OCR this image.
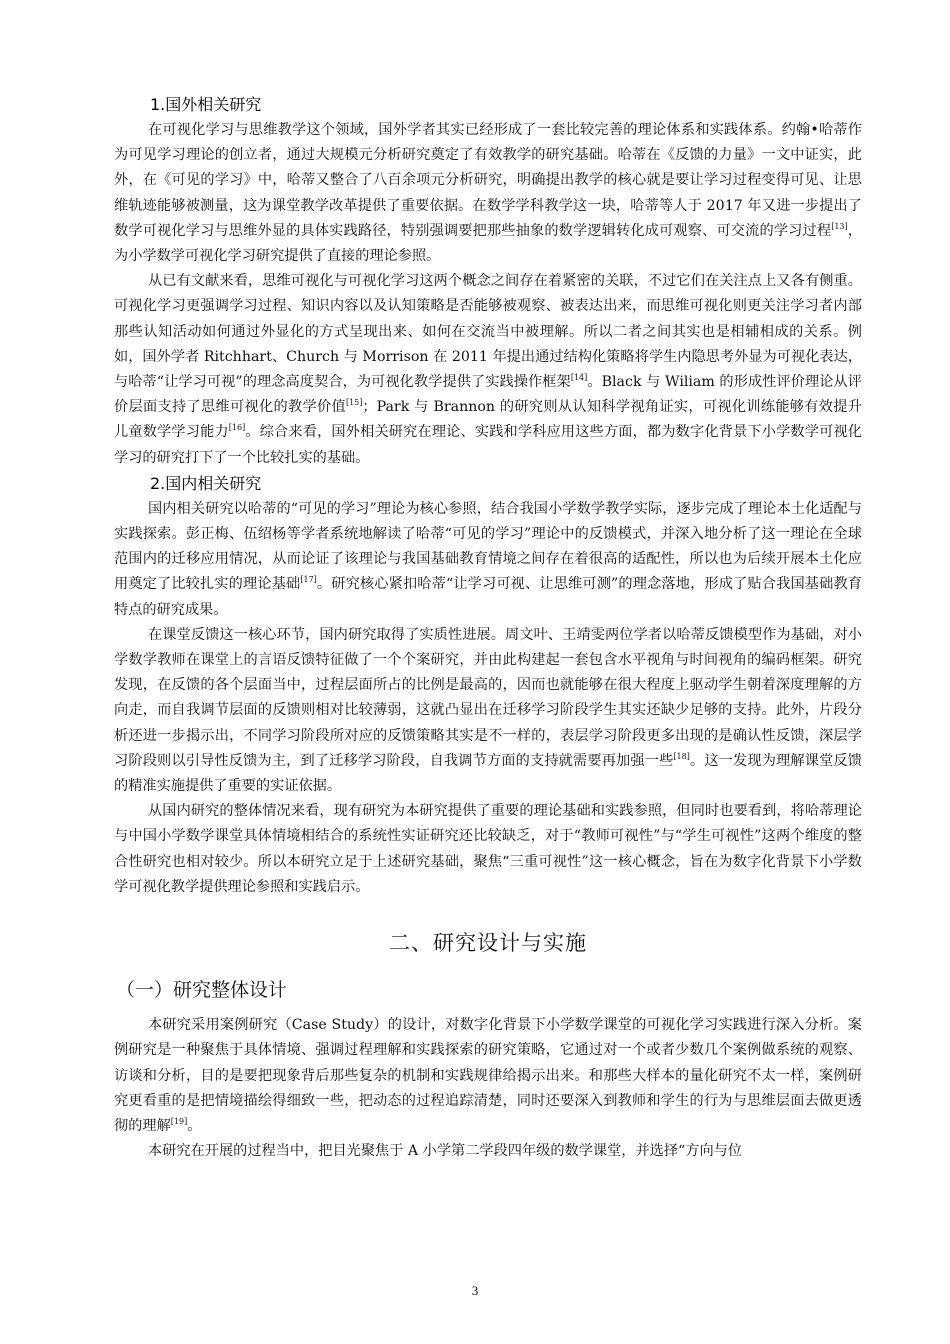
1.国外相关研究

在可视化学习与思维教学这个领域，国外学者其实已经形成了一套比较完善的理论体系和实践体系。约翰•哈蒂作为可见学习理论的创立者，通过大规模元分析研究奠定了有效教学的研究基础。哈蒂在《反馈的力量》一文中证实，此外，在《可见的学习》中，哈蒂又整合了八百余项元分析研究，明确提出教学的核心就是要让学习过程变得可见、让思维轨迹能够被测量，这为课堂教学改革提供了重要依据。在数学学科教学这一块，哈蒂等人于 2017 年又进一步提出了数学可视化学习与思维外显的具体实践路径，特别强调要把那些抽象的数学逻辑转化成可观察、可交流的学习过程[13]，为小学数学可视化学习研究提供了直接的理论参照。

从已有文献来看，思维可视化与可视化学习这两个概念之间存在着紧密的关联，不过它们在关注点上又各有侧重。可视化学习更强调学习过程、知识内容以及认知策略是否能够被观察、被表达出来，而思维可视化则更关注学习者内部那些认知活动如何通过外显化的方式呈现出来、如何在交流当中被理解。所以二者之间其实也是相辅相成的关系。例如，国外学者 Ritchhart、Church 与 Morrison 在 2011 年提出通过结构化策略将学生内隐思考外显为可视化表达，与哈蒂“让学习可视”的理念高度契合，为可视化教学提供了实践操作框架[14]。Black 与 Wiliam 的形成性评价理论从评价层面支持了思维可视化的教学价值[15]；Park 与 Brannon 的研究则从认知科学视角证实，可视化训练能够有效提升儿童数学学习能力[16]。综合来看，国外相关研究在理论、实践和学科应用这些方面，都为数字化背景下小学数学可视化学习的研究打下了一个比较扎实的基础。

2.国内相关研究

国内相关研究以哈蒂的“可见的学习”理论为核心参照，结合我国小学数学教学实际，逐步完成了理论本土化适配与实践探索。彭正梅、伍绍杨等学者系统地解读了哈蒂“可见的学习”理论中的反馈模式，并深入地分析了这一理论在全球范围内的迁移应用情况，从而论证了该理论与我国基础教育情境之间存在着很高的适配性，所以也为后续开展本土化应用奠定了比较扎实的理论基础[17]。研究核心紧扣哈蒂“让学习可视、让思维可测”的理念落地，形成了贴合我国基础教育特点的研究成果。

在课堂反馈这一核心环节，国内研究取得了实质性进展。周文叶、王靖雯两位学者以哈蒂反馈模型作为基础，对小学数学教师在课堂上的言语反馈特征做了一个个案研究，并由此构建起一套包含水平视角与时间视角的编码框架。研究发现，在反馈的各个层面当中，过程层面所占的比例是最高的，因而也就能够在很大程度上驱动学生朝着深度理解的方向走，而自我调节层面的反馈则相对比较薄弱，这就凸显出在迁移学习阶段学生其实还缺少足够的支持。此外，片段分析还进一步揭示出，不同学习阶段所对应的反馈策略其实是不一样的，表层学习阶段更多出现的是确认性反馈，深层学习阶段则以引导性反馈为主，到了迁移学习阶段，自我调节方面的支持就需要再加强一些[18]。这一发现为理解课堂反馈的精准实施提供了重要的实证依据。

从国内研究的整体情况来看，现有研究为本研究提供了重要的理论基础和实践参照，但同时也要看到，将哈蒂理论与中国小学数学课堂具体情境相结合的系统性实证研究还比较缺乏，对于“教师可视性”与“学生可视性”这两个维度的整合性研究也相对较少。所以本研究立足于上述研究基础，聚焦“三重可视性”这一核心概念，旨在为数字化背景下小学数学可视化教学提供理论参照和实践启示。

二、研究设计与实施
（一）研究整体设计

本研究采用案例研究（Case Study）的设计，对数字化背景下小学数学课堂的可视化学习实践进行深入分析。案例研究是一种聚焦于具体情境、强调过程理解和实践探索的研究策略，它通过对一个或者少数几个案例做系统的观察、访谈和分析，目的是要把现象背后那些复杂的机制和实践规律给揭示出来。和那些大样本的量化研究不太一样，案例研究更看重的是把情境描绘得细致一些，把动态的过程追踪清楚，同时还要深入到教师和学生的行为与思维层面去做更透彻的理解[19]。

本研究在开展的过程当中，把目光聚焦于 A 小学第二学段四年级的数学课堂，并选择“方向与位

3
